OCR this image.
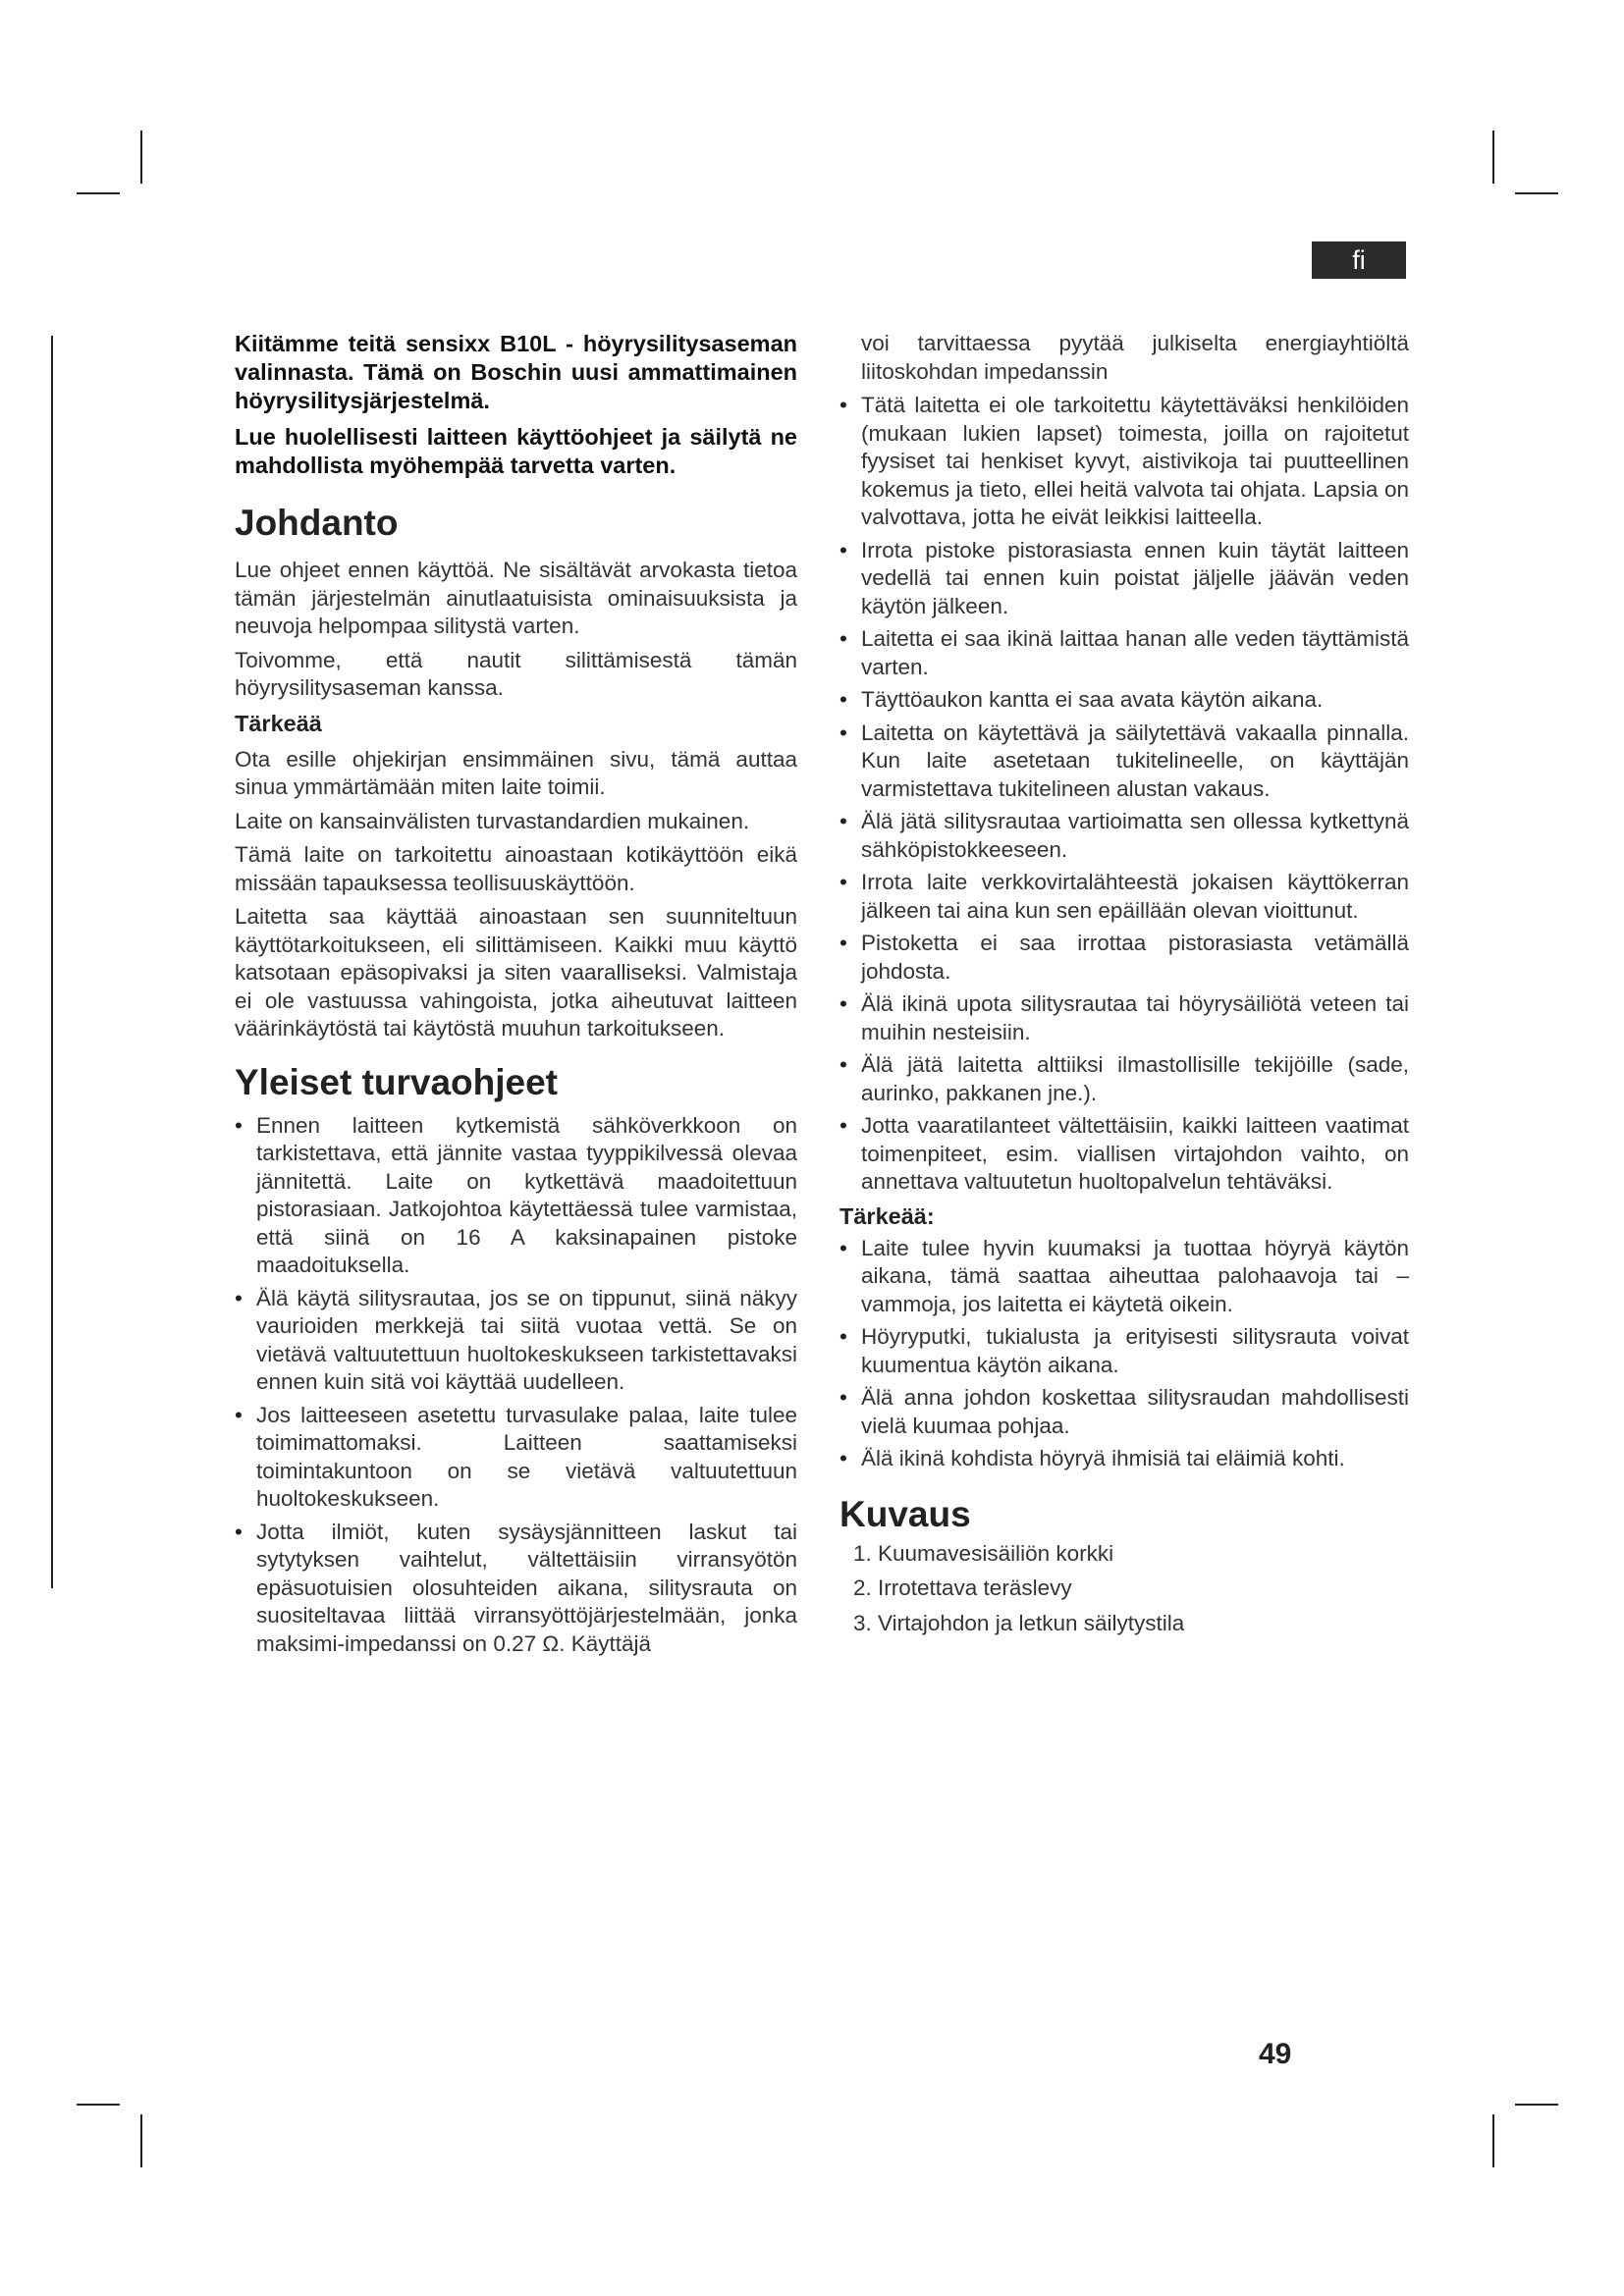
fi

Kiitämme teitä sensixx B10L - höyrysilitysaseman valinnasta. Tämä on Boschin uusi ammattimainen höyrysilitysjärjestelmä.

Lue huolellisesti laitteen käyttöohjeet ja säilytä ne mahdollista myöhempää tarvetta varten.

Johdanto

Lue ohjeet ennen käyttöä. Ne sisältävät arvokasta tietoa tämän järjestelmän ainutlaatuisista ominaisuuksista ja neuvoja helpompaa silitystä varten.

Toivomme, että nautit silittämisestä tämän höyrysilitysaseman kanssa.

Tärkeää

Ota esille ohjekirjan ensimmäinen sivu, tämä auttaa sinua ymmärtämään miten laite toimii.

Laite on kansainvälisten turvastandardien mukainen.

Tämä laite on tarkoitettu ainoastaan kotikäyttöön eikä missään tapauksessa teollisuuskäyttöön.

Laitetta saa käyttää ainoastaan sen suunniteltuun käyttötarkoitukseen, eli silittämiseen. Kaikki muu käyttö katsotaan epäsopivaksi ja siten vaaralliseksi. Valmistaja ei ole vastuussa vahingoista, jotka aiheutuvat laitteen väärinkäytöstä tai käytöstä muuhun tarkoitukseen.

Yleiset turvaohjeet
• Ennen laitteen kytkemistä sähköverkkoon on tarkistettava, että jännite vastaa tyyppikilvessä olevaa jännitettä. Laite on kytkettävä maadoitettuun pistorasiaan. Jatkojohtoa käytettäessä tulee varmistaa, että siinä on 16 A kaksinapainen pistoke maadoituksella.
• Älä käytä silitysrautaa, jos se on tippunut, siinä näkyy vaurioiden merkkejä tai siitä vuotaa vettä. Se on vietävä valtuutettuun huoltokeskukseen tarkistettavaksi ennen kuin sitä voi käyttää uudelleen.
• Jos laitteeseen asetettu turvasulake palaa, laite tulee toimimattomaksi. Laitteen saattamiseksi toimintakuntoon on se vietävä valtuutettuun huoltokeskukseen.
• Jotta ilmiöt, kuten sysäysjännitteen laskut tai sytytyksen vaihtelut, vältettäisiin virransyötön epäsuotuisien olosuhteiden aikana, silitysrauta on suositeltavaa liittää virransyöttöjärjestelmään, jonka maksimi-impedanssi on 0.27 Ω. Käyttäjä

voi tarvittaessa pyytää julkiselta energiayhtiöltä liitoskohdan impedanssin

• Tätä laitetta ei ole tarkoitettu käytettäväksi henkilöiden (mukaan lukien lapset) toimesta, joilla on rajoitetut fyysiset tai henkiset kyvyt, aistivikoja tai puutteellinen kokemus ja tieto, ellei heitä valvota tai ohjata. Lapsia on valvottava, jotta he eivät leikkisi laitteella.
• Irrota pistoke pistorasiasta ennen kuin täytät laitteen vedellä tai ennen kuin poistat jäljelle jäävän veden käytön jälkeen.
• Laitetta ei saa ikinä laittaa hanan alle veden täyttämistä varten.
• Täyttöaukon kantta ei saa avata käytön aikana.
• Laitetta on käytettävä ja säilytettävä vakaalla pinnalla. Kun laite asetetaan tukitelineelle, on käyttäjän varmistettava tukitelineen alustan vakaus.
• Älä jätä silitysrautaa vartioimatta sen ollessa kytkettynä sähköpistokkeeseen.
• Irrota laite verkkovirtalähteestä jokaisen käyttökerran jälkeen tai aina kun sen epäillään olevan vioittunut.
• Pistoketta ei saa irrottaa pistorasiasta vetämällä johdosta.
• Älä ikinä upota silitysrautaa tai höyrysäiliötä veteen tai muihin nesteisiin.
• Älä jätä laitetta alttiiksi ilmastollisille tekijöille (sade, aurinko, pakkanen jne.).
• Jotta vaaratilanteet vältettäisiin, kaikki laitteen vaatimat toimenpiteet, esim. viallisen virtajohdon vaihto, on annettava valtuutetun huoltopalvelun tehtäväksi.
Tärkeää:
• Laite tulee hyvin kuumaksi ja tuottaa höyryä käytön aikana, tämä saattaa aiheuttaa palohaavoja tai –vammoja, jos laitetta ei käytetä oikein.
• Höyryputki, tukialusta ja erityisesti silitysrauta voivat kuumentua käytön aikana.
• Älä anna johdon koskettaa silitysraudan mahdollisesti vielä kuumaa pohjaa.
• Älä ikinä kohdista höyryä ihmisiä tai eläimiä kohti.
Kuvaus
1. Kuumavesisäiliön korkki
2. Irrotettava teräslevy
3. Virtajohdon ja letkun säilytystila
49
